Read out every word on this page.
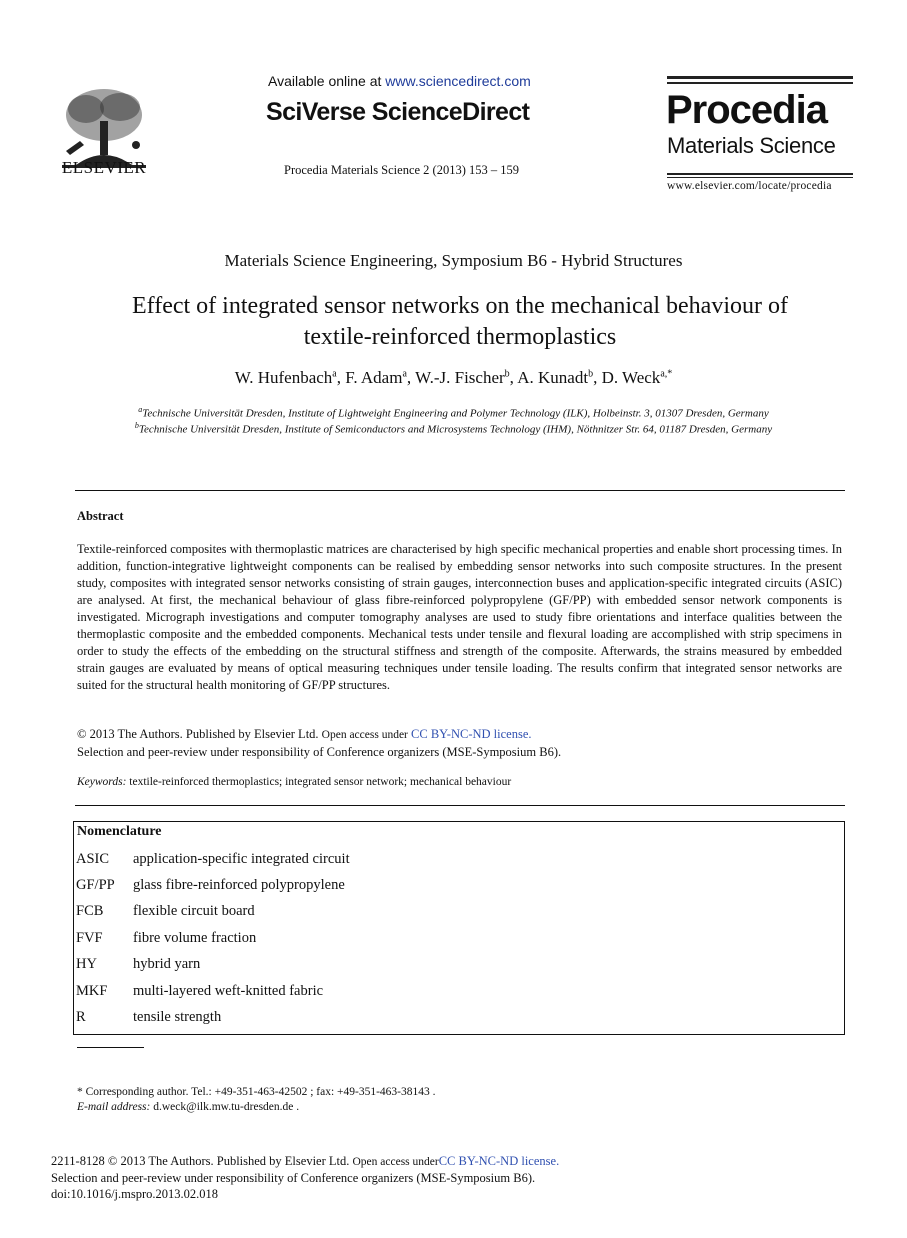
ELSEVIER
Available online at www.sciencedirect.com
SciVerse ScienceDirect
Procedia Materials Science 2 (2013) 153 – 159
Procedia
Materials Science
www.elsevier.com/locate/procedia
Materials Science Engineering, Symposium B6 - Hybrid Structures
Effect of integrated sensor networks on the mechanical behaviour of
textile-reinforced thermoplastics
W. Hufenbach$^a$, F. Adam$^a$, W.-J. Fischer$^b$, A. Kunadt$^b$, D. Weck$^{a,*}$
$^a$Technische Universität Dresden, Institute of Lightweight Engineering and Polymer Technology (ILK), Holbeinstr. 3, 01307 Dresden, Germany
$^b$Technische Universität Dresden, Institute of Semiconductors and Microsystems Technology (IHM), Nöthnitzer Str. 64, 01187 Dresden, Germany
Abstract
Textile-reinforced composites with thermoplastic matrices are characterised by high specific mechanical properties and enable short processing times. In addition, function-integrative lightweight components can be realised by embedding sensor networks into such composite structures. In the present study, composites with integrated sensor networks consisting of strain gauges, interconnection buses and application-specific integrated circuits (ASIC) are analysed. At first, the mechanical behaviour of glass fibre-reinforced polypropylene (GF/PP) with embedded sensor network components is investigated. Micrograph investigations and computer tomography analyses are used to study fibre orientations and interface qualities between the thermoplastic composite and the embedded components. Mechanical tests under tensile and flexural loading are accomplished with strip specimens in order to study the effects of the embedding on the structural stiffness and strength of the composite. Afterwards, the strains measured by embedded strain gauges are evaluated by means of optical measuring techniques under tensile loading. The results confirm that integrated sensor networks are suited for the structural health monitoring of GF/PP structures.
© 2013 The Authors. Published by Elsevier Ltd. Open access under CC BY-NC-ND license.
Selection and peer-review under responsibility of Conference organizers (MSE-Symposium B6).
Keywords: textile-reinforced thermoplastics; integrated sensor network; mechanical behaviour
Nomenclature
ASIC application-specific integrated circuit
GF/PP glass fibre-reinforced polypropylene
FCB flexible circuit board
FVF fibre volume fraction
HY hybrid yarn
MKF multi-layered weft-knitted fabric
R	tensile strength
* Corresponding author. Tel.: +49-351-463-42502 ; fax: +49-351-463-38143 .
E-mail address: d.weck@ilk.mw.tu-dresden.de .
2211-8128 © 2013 The Authors. Published by Elsevier Ltd. Open access underCC BY-NC-ND license.
Selection and peer-review under responsibility of Conference organizers (MSE-Symposium B6).
doi:10.1016/j.mspro.2013.02.018
